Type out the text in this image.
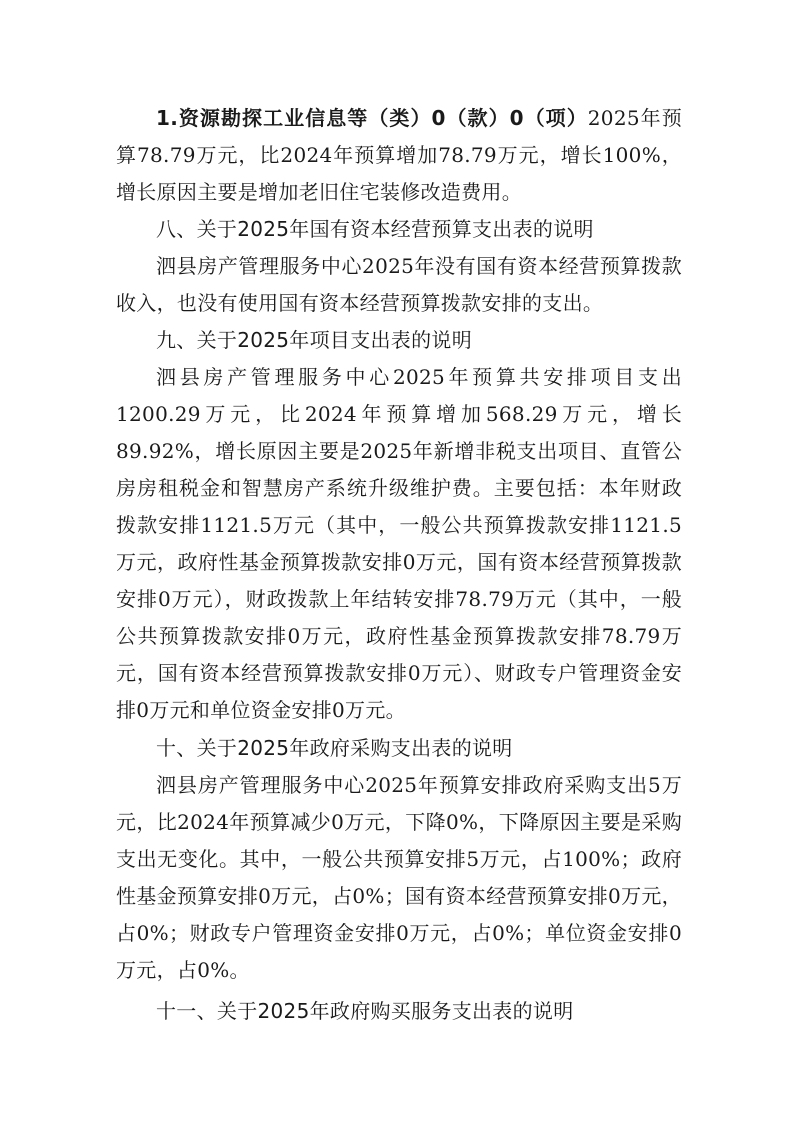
1.资源勘探工业信息等（类）0（款）0（项）2025年预算78.79万元，比2024年预算增加78.79万元，增长100%，增长原因主要是增加老旧住宅装修改造费用。

八、关于2025年国有资本经营预算支出表的说明

泗县房产管理服务中心2025年没有国有资本经营预算拨款收入，也没有使用国有资本经营预算拨款安排的支出。

九、关于2025年项目支出表的说明

泗县房产管理服务中心2025年预算共安排项目支出1200.29万元，比2024年预算增加568.29万元，增长89.92%，增长原因主要是2025年新增非税支出项目、直管公房房租税金和智慧房产系统升级维护费。主要包括：本年财政拨款安排1121.5万元（其中，一般公共预算拨款安排1121.5万元，政府性基金预算拨款安排0万元，国有资本经营预算拨款安排0万元），财政拨款上年结转安排78.79万元（其中，一般公共预算拨款安排0万元，政府性基金预算拨款安排78.79万元，国有资本经营预算拨款安排0万元）、财政专户管理资金安排0万元和单位资金安排0万元。

十、关于2025年政府采购支出表的说明

泗县房产管理服务中心2025年预算安排政府采购支出5万元，比2024年预算减少0万元，下降0%，下降原因主要是采购支出无变化。其中，一般公共预算安排5万元，占100%；政府性基金预算安排0万元，占0%；国有资本经营预算安排0万元，占0%；财政专户管理资金安排0万元，占0%；单位资金安排0万元，占0%。

十一、关于2025年政府购买服务支出表的说明
